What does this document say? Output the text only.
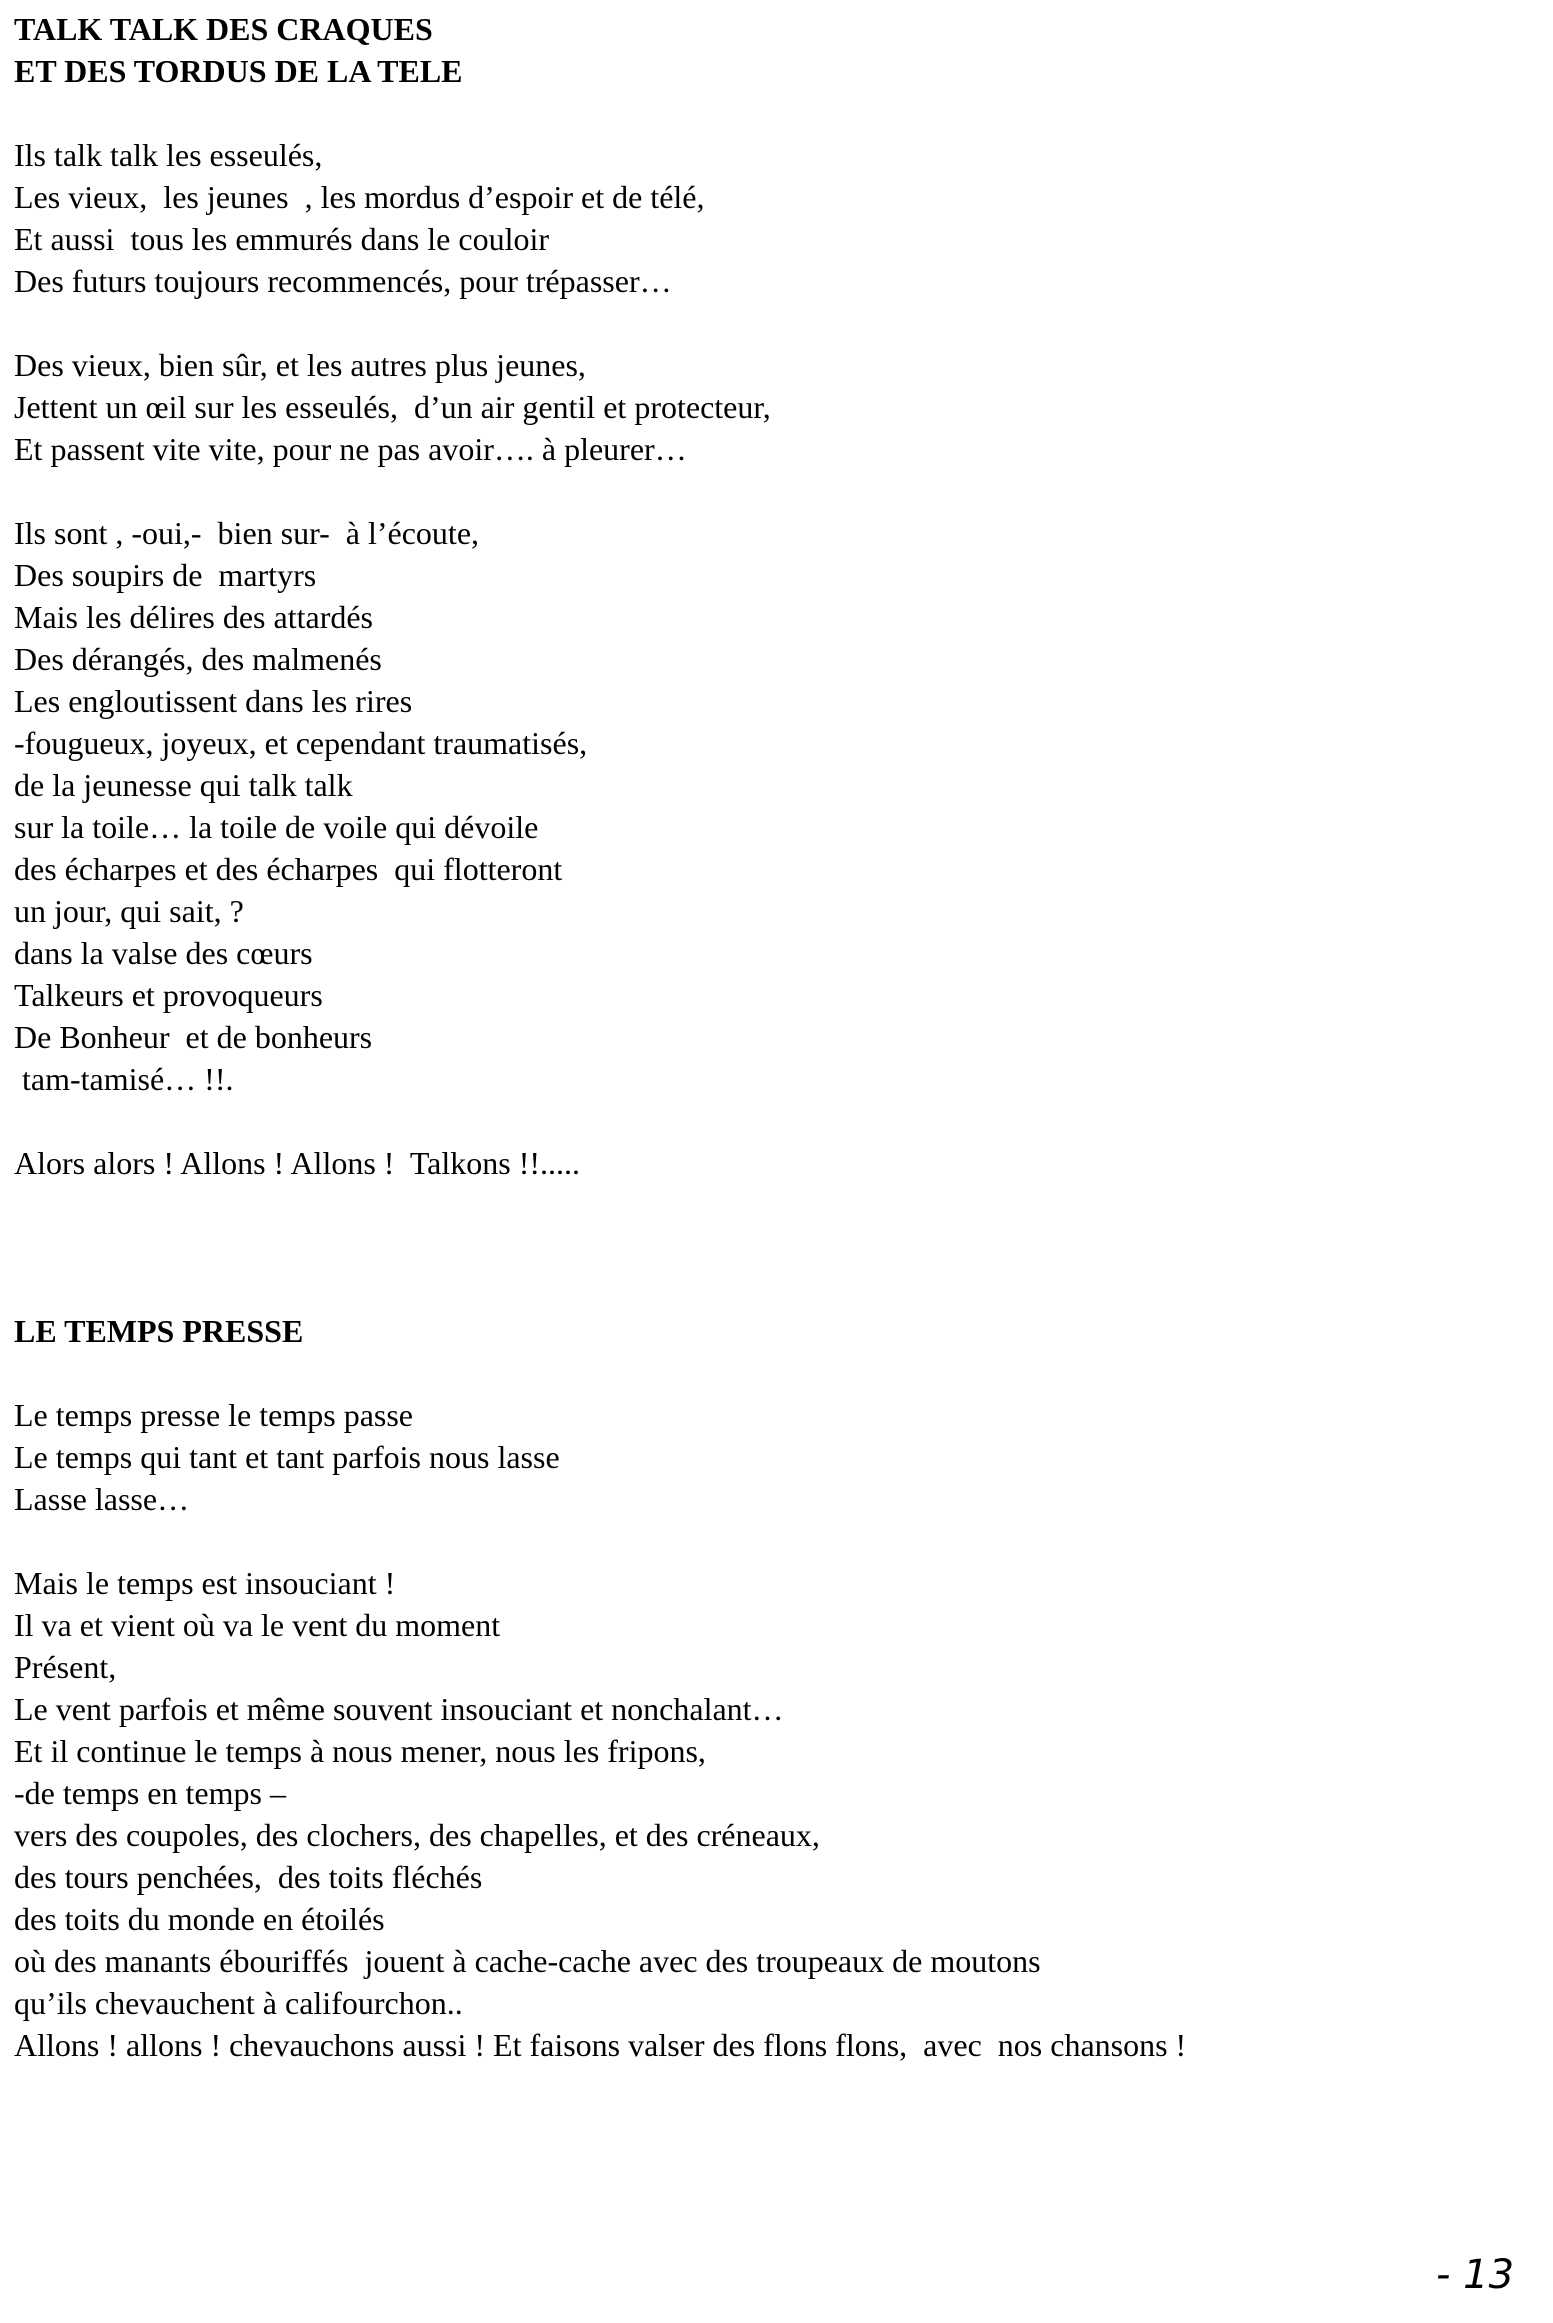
TALK TALK DES CRAQUES
ET DES TORDUS DE LA TELE
Ils talk talk les esseulés,
Les vieux,  les jeunes  , les mordus d’espoir et de télé,
Et aussi  tous les emmurés dans le couloir
Des futurs toujours recommencés, pour trépasser…
Des vieux, bien sûr, et les autres plus jeunes,
Jettent un œil sur les esseulés,  d’un air gentil et protecteur,
Et passent vite vite, pour ne pas avoir…. à pleurer…
Ils sont , -oui,-  bien sur-  à l’écoute,
Des soupirs de  martyrs
Mais les délires des attardés
Des dérangés, des malmenés
Les engloutissent dans les rires
-fougueux, joyeux, et cependant traumatisés,
de la jeunesse qui talk talk
sur la toile… la toile de voile qui dévoile
des écharpes et des écharpes  qui flotteront
un jour, qui sait, ?
dans la valse des cœurs
Talkeurs et provoqueurs
De Bonheur  et de bonheurs
tam-tamisé… !!.
Alors alors ! Allons ! Allons !  Talkons !!.....
LE TEMPS PRESSE
Le temps presse le temps passe
Le temps qui tant et tant parfois nous lasse
Lasse lasse…
Mais le temps est insouciant !
Il va et vient où va le vent du moment
Présent,
Le vent parfois et même souvent insouciant et nonchalant…
Et il continue le temps à nous mener, nous les fripons,
-de temps en temps –
vers des coupoles, des clochers, des chapelles, et des créneaux,
des tours penchées,  des toits fléchés
des toits du monde en étoilés
où des manants ébouriffés  jouent à cache-cache avec des troupeaux de moutons
qu’ils chevauchent à califourchon..
Allons ! allons ! chevauchons aussi ! Et faisons valser des flons flons,  avec  nos chansons !
- 13
